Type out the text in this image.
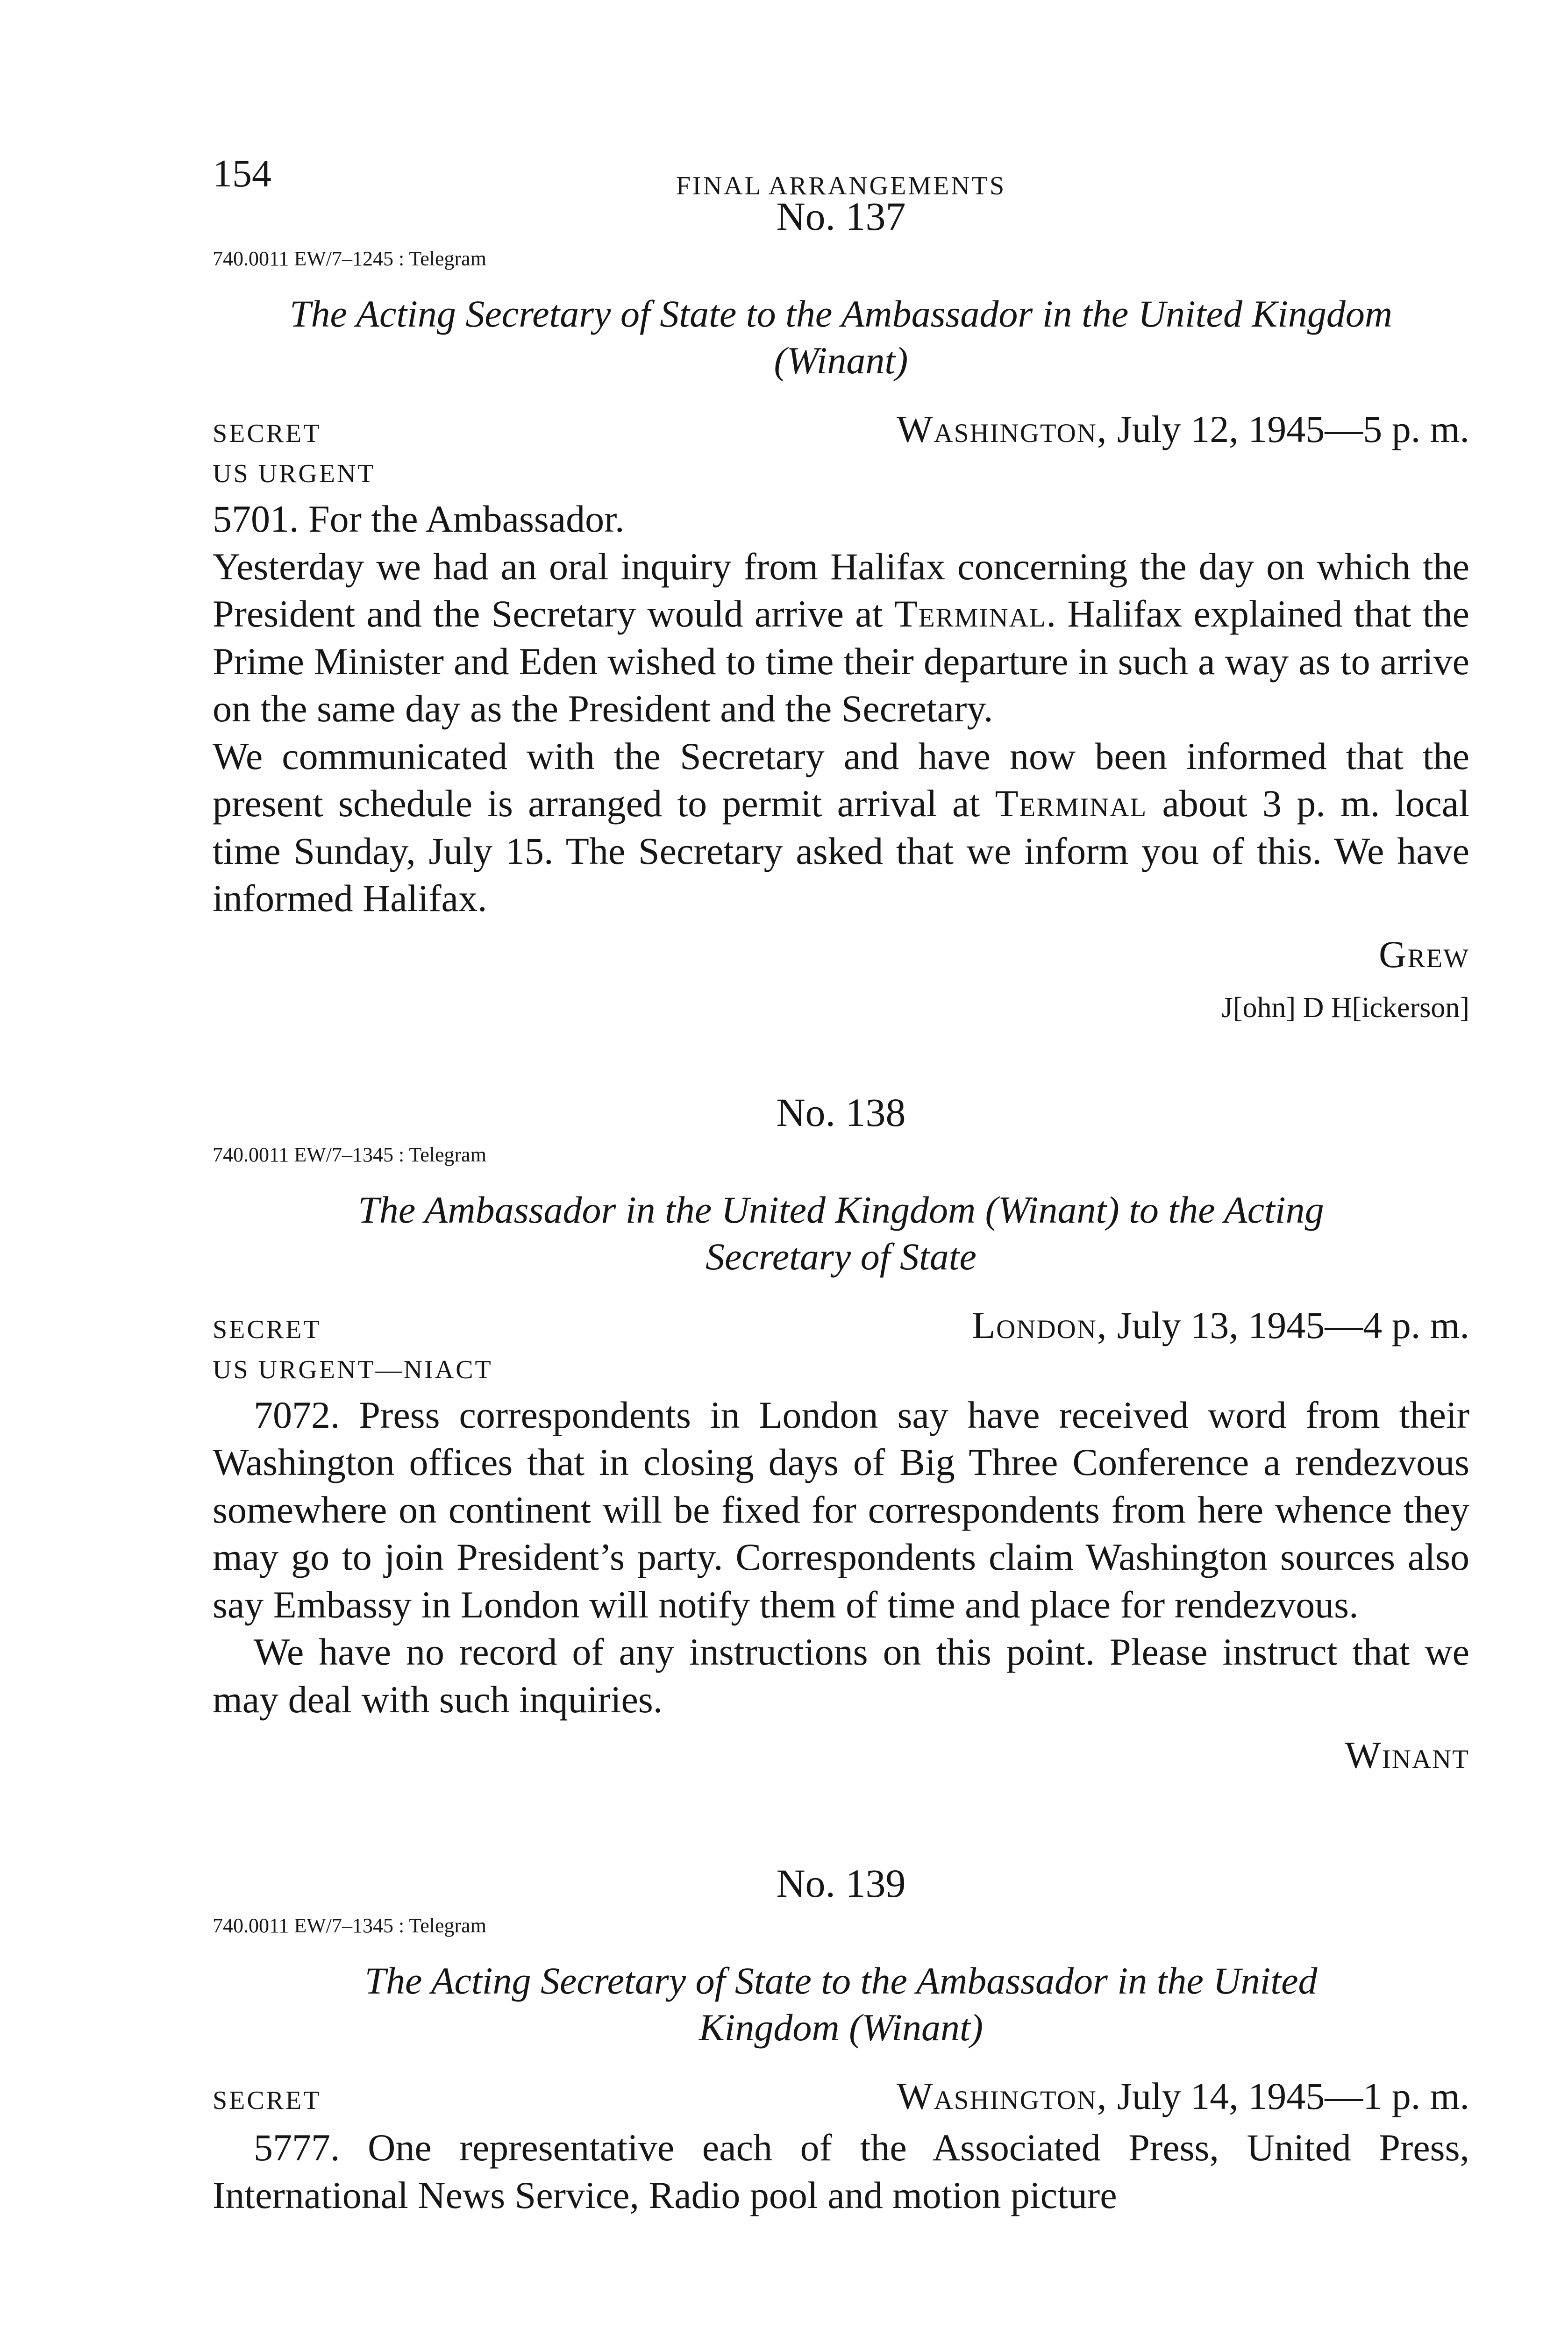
154	FINAL ARRANGEMENTS

No. 137

740.0011 EW/7–1245 : Telegram

The Acting Secretary of State to the Ambassador in the United Kingdom
(Winant)

SECRET	Washington, July 12, 1945—5 p. m.
US URGENT

5701. For the Ambassador.

Yesterday we had an oral inquiry from Halifax concerning the day on which the President and the Secretary would arrive at Terminal. Halifax explained that the Prime Minister and Eden wished to time their departure in such a way as to arrive on the same day as the President and the Secretary.

We communicated with the Secretary and have now been informed that the present schedule is arranged to permit arrival at Terminal about 3 p. m. local time Sunday, July 15. The Secretary asked that we inform you of this. We have informed Halifax.

Grew
J[ohn] D H[ickerson]

No. 138

740.0011 EW/7–1345 : Telegram

The Ambassador in the United Kingdom (Winant) to the Acting
Secretary of State

SECRET	London, July 13, 1945—4 p. m.
US URGENT—NIACT

7072. Press correspondents in London say have received word from their Washington offices that in closing days of Big Three Conference a rendezvous somewhere on continent will be fixed for correspondents from here whence they may go to join President’s party. Correspondents claim Washington sources also say Embassy in London will notify them of time and place for rendezvous.

We have no record of any instructions on this point. Please instruct that we may deal with such inquiries.

Winant

No. 139

740.0011 EW/7–1345 : Telegram

The Acting Secretary of State to the Ambassador in the United
Kingdom (Winant)

SECRET	Washington, July 14, 1945—1 p. m.

5777. One representative each of the Associated Press, United Press, International News Service, Radio pool and motion picture
